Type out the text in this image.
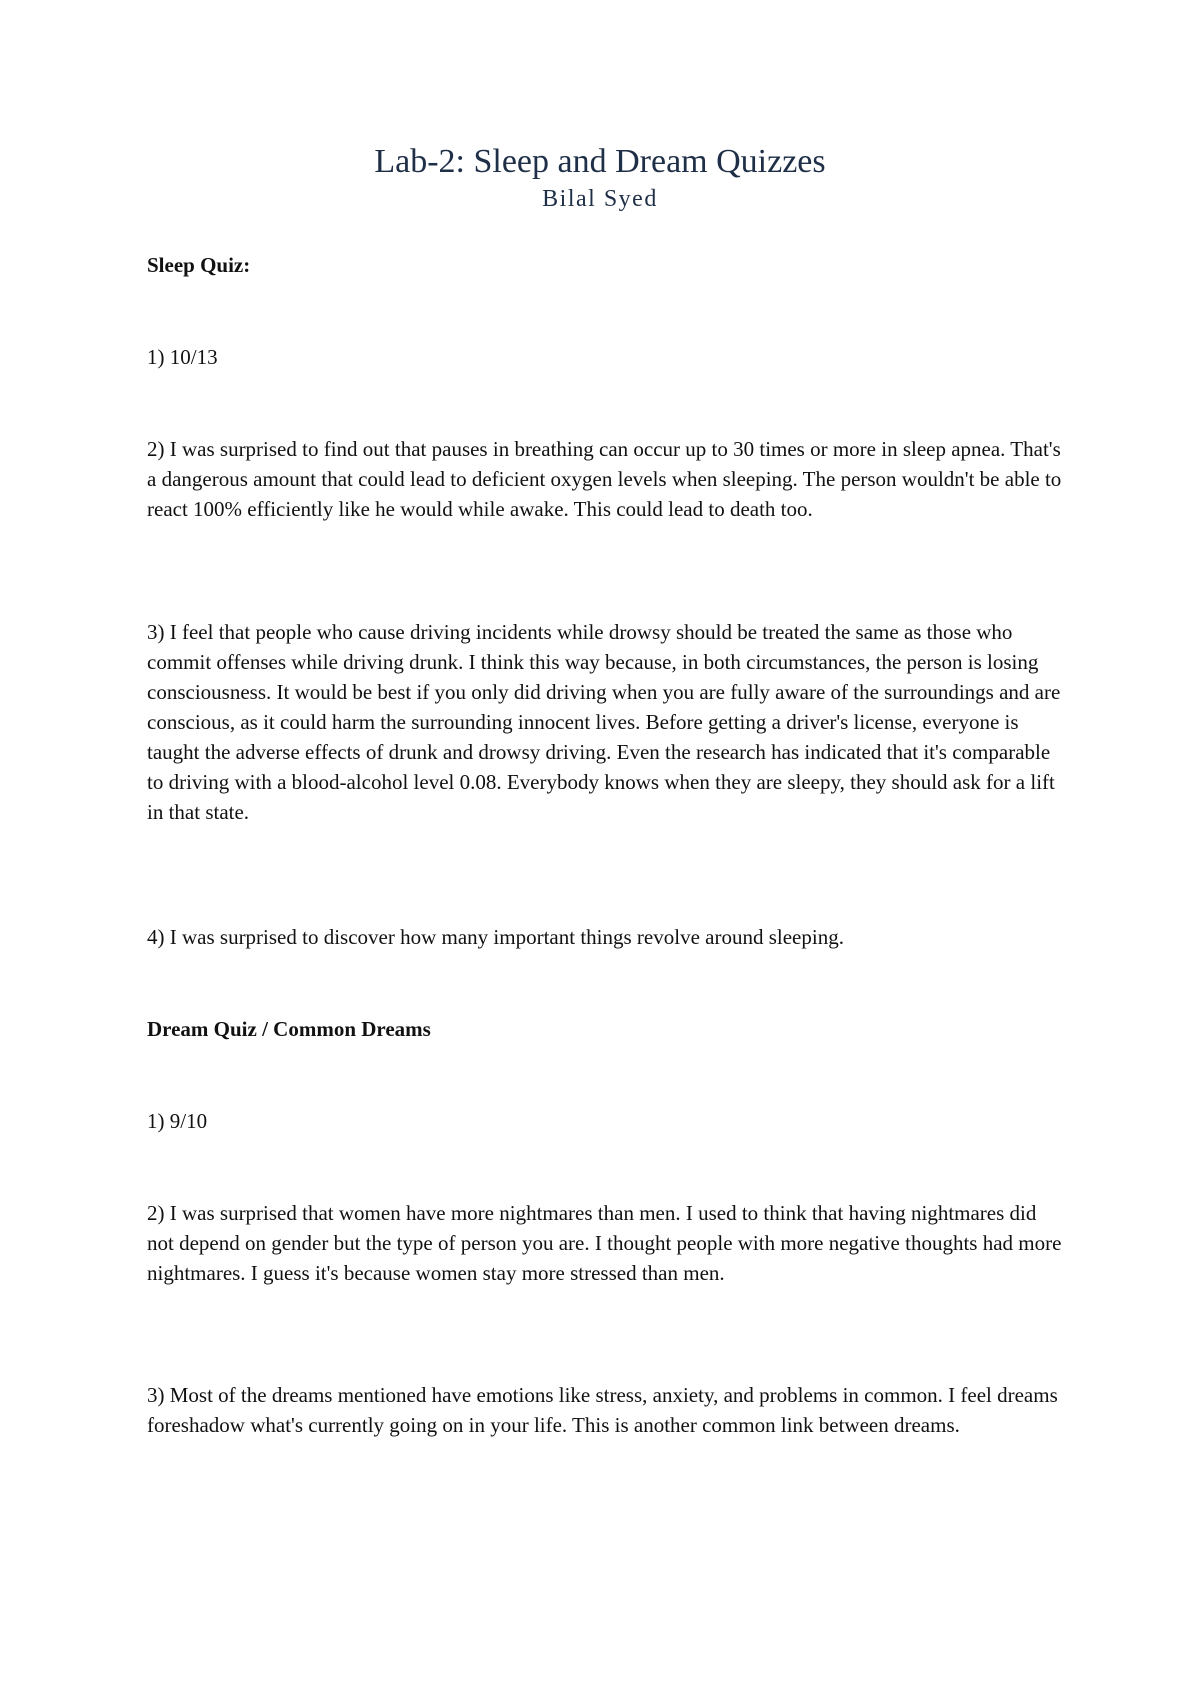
Lab-2: Sleep and Dream Quizzes
Bilal Syed

Sleep Quiz:

1) 10/13

2) I was surprised to find out that pauses in breathing can occur up to 30 times or more in sleep apnea. That's a dangerous amount that could lead to deficient oxygen levels when sleeping. The person wouldn't be able to react 100% efficiently like he would while awake. This could lead to death too.

3) I feel that people who cause driving incidents while drowsy should be treated the same as those who commit offenses while driving drunk. I think this way because, in both circumstances, the person is losing consciousness. It would be best if you only did driving when you are fully aware of the surroundings and are conscious, as it could harm the surrounding innocent lives. Before getting a driver's license, everyone is taught the adverse effects of drunk and drowsy driving. Even the research has indicated that it's comparable to driving with a blood-alcohol level 0.08. Everybody knows when they are sleepy, they should ask for a lift in that state.

4) I was surprised to discover how many important things revolve around sleeping.

Dream Quiz / Common Dreams

1) 9/10

2) I was surprised that women have more nightmares than men. I used to think that having nightmares did not depend on gender but the type of person you are. I thought people with more negative thoughts had more nightmares. I guess it's because women stay more stressed than men.

3) Most of the dreams mentioned have emotions like stress, anxiety, and problems in common. I feel dreams foreshadow what's currently going on in your life. This is another common link between dreams.
